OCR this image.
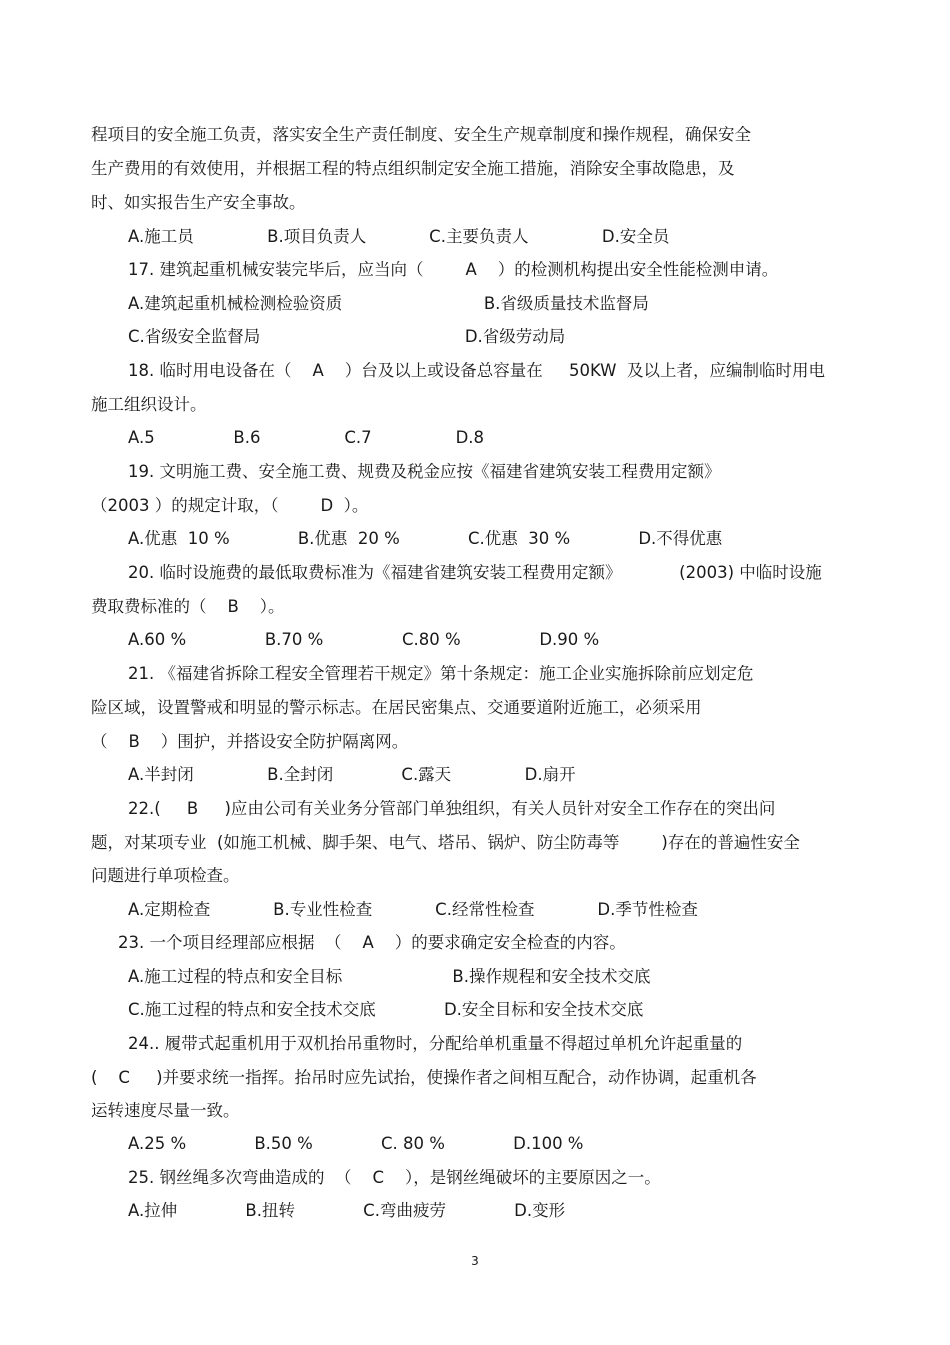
程项目的安全施工负责，落实安全生产责任制度、安全生产规章制度和操作规程，确保安全
生产费用的有效使用，并根据工程的特点组织制定安全施工措施，消除安全事故隐患，及
时、如实报告生产安全事故。
A.施工员              B.项目负责人            C.主要负责人              D.安全员
17. 建筑起重机械安装完毕后，应当向（        A    ）的检测机构提出安全性能检测申请。
A.建筑起重机械检测检验资质                           B.省级质量技术监督局
C.省级安全监督局                                       D.省级劳动局
18. 临时用电设备在（    A    ）台及以上或设备总容量在     50KW  及以上者，应编制临时用电
施工组织设计。
A.5               B.6                C.7                D.8
19. 文明施工费、安全施工费、规费及税金应按《福建省建筑安装工程费用定额》
（2003 ）的规定计取，（        D  ）。
A.优惠  10 %             B.优惠  20 %             C.优惠  30 %             D.不得优惠
20. 临时设施费的最低取费标准为《福建省建筑安装工程费用定额》           (2003) 中临时设施
费取费标准的（    B    ）。
A.60 %               B.70 %               C.80 %               D.90 %
21. 《福建省拆除工程安全管理若干规定》第十条规定：施工企业实施拆除前应划定危
险区域，设置警戒和明显的警示标志。在居民密集点、交通要道附近施工，必须采用
（    B    ）围护，并搭设安全防护隔离网。
A.半封闭              B.全封闭             C.露天              D.扇开
22.(     B     )应由公司有关业务分管部门单独组织，有关人员针对安全工作存在的突出问
题，对某项专业  (如施工机械、脚手架、电气、塔吊、锅炉、防尘防毒等        )存在的普遍性安全
问题进行单项检查。
A.定期检查            B.专业性检查            C.经常性检查            D.季节性检查
23. 一个项目经理部应根据  （    A    ）的要求确定安全检查的内容。
A.施工过程的特点和安全目标                     B.操作规程和安全技术交底
C.施工过程的特点和安全技术交底             D.安全目标和安全技术交底
24.. 履带式起重机用于双机抬吊重物时，分配给单机重量不得超过单机允许起重量的
(    C     )并要求统一指挥。抬吊时应先试抬，使操作者之间相互配合，动作协调，起重机各
运转速度尽量一致。
A.25 %             B.50 %             C. 80 %             D.100 %
25. 钢丝绳多次弯曲造成的  （    C    ），是钢丝绳破坏的主要原因之一。
A.拉伸             B.扭转             C.弯曲疲劳             D.变形
3
